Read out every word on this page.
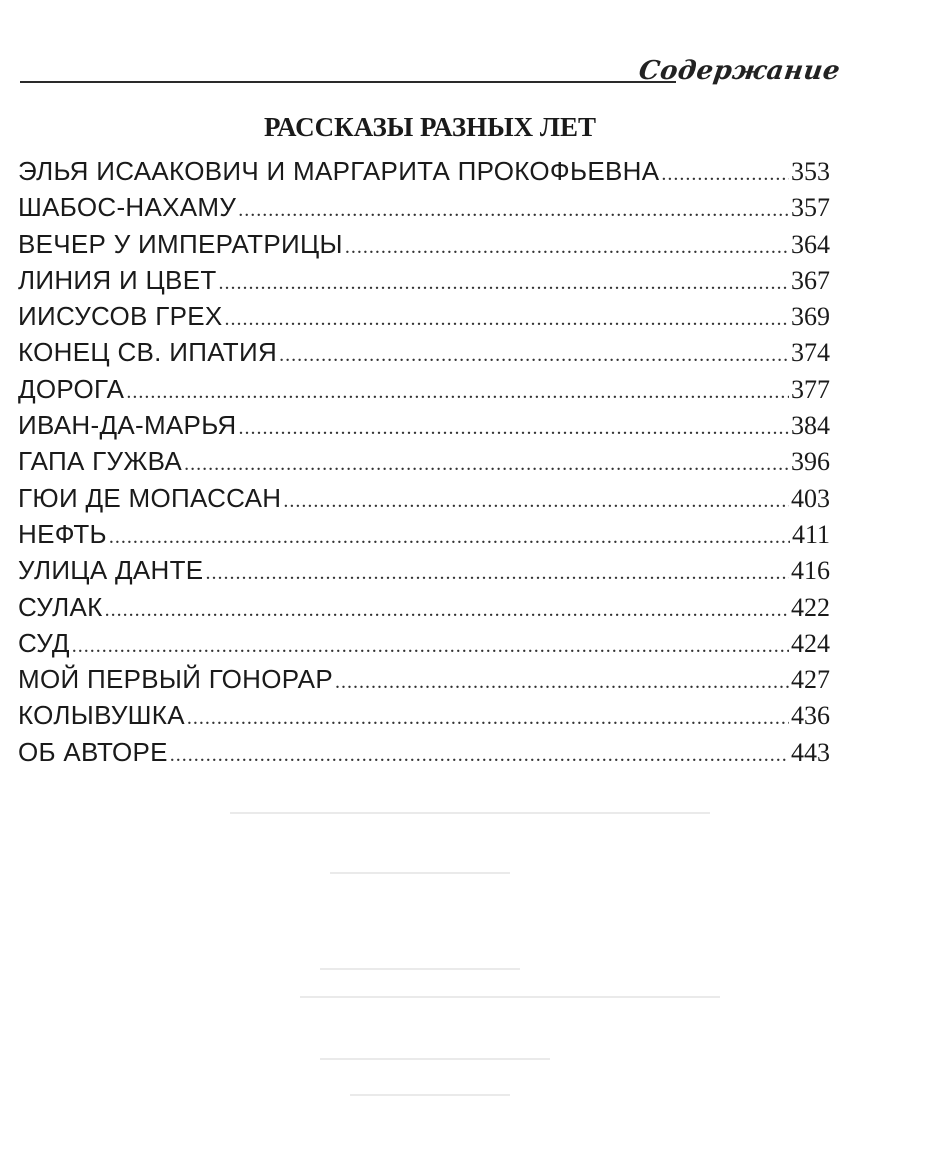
Содержание
РАССКАЗЫ РАЗНЫХ ЛЕТ
ЭЛЬЯ ИСААКОВИЧ И МАРГАРИТА ПРОКОФЬЕВНА .....	353
ШАБОС-НАХАМУ .....	357
ВЕЧЕР У ИМПЕРАТРИЦЫ .....	364
ЛИНИЯ И ЦВЕТ .....	367
ИИСУСОВ ГРЕХ .....	369
КОНЕЦ СВ. ИПАТИЯ .....	374
ДОРОГА .....	377
ИВАН-ДА-МАРЬЯ .....	384
ГАПА ГУЖВА .....	396
ГЮИ ДЕ МОПАССАН .....	403
НЕФТЬ .....	411
УЛИЦА ДАНТЕ .....	416
СУЛАК .....	422
СУД .....	424
МОЙ ПЕРВЫЙ ГОНОРАР .....	427
КОЛЫВУШКА .....	436
ОБ АВТОРЕ .....	443
